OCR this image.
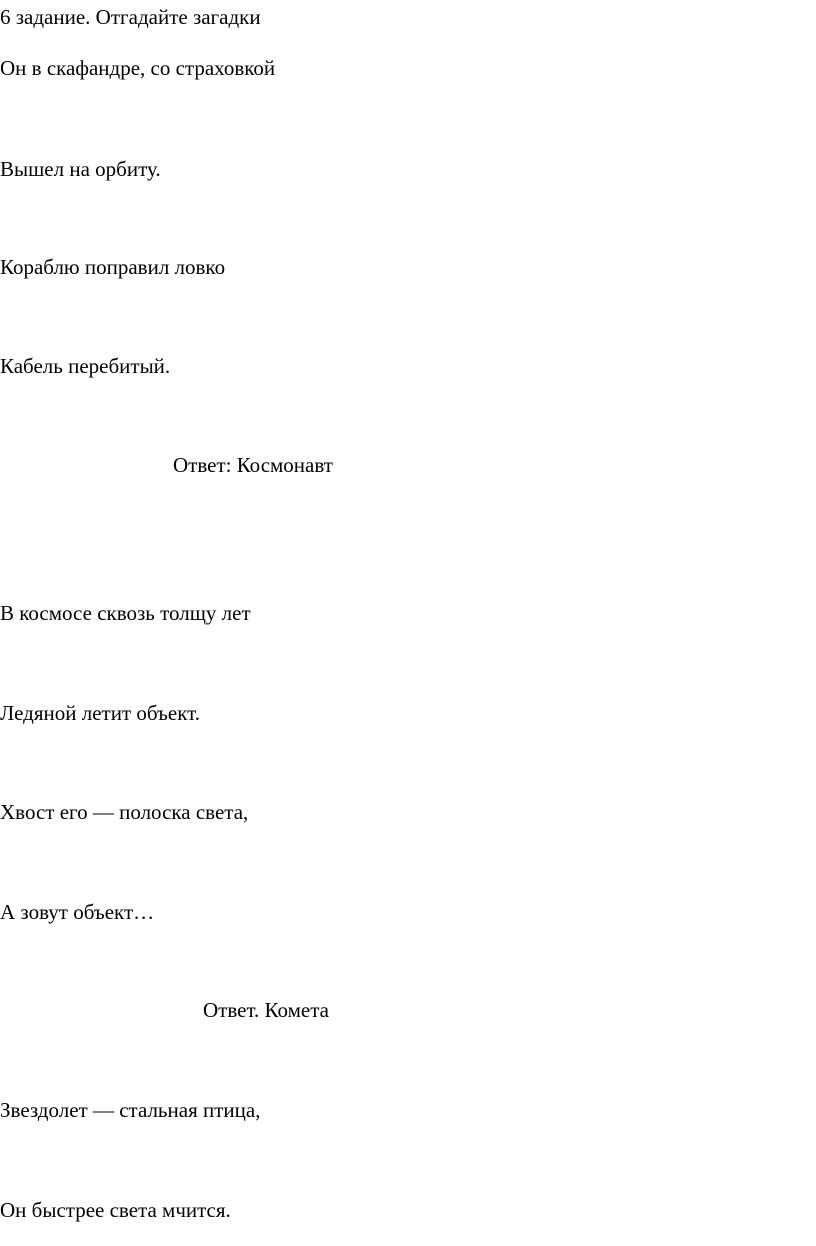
6 задание. Отгадайте загадки

Он в скафандре, со страховкой

Вышел на орбиту.

Кораблю поправил ловко

Кабель перебитый.

Ответ: Космонавт

В космосе сквозь толщу лет

Ледяной летит объект.

Хвост его — полоска света,

А зовут объект…

Ответ. Комета

Звездолет — стальная птица,

Он быстрее света мчится.
